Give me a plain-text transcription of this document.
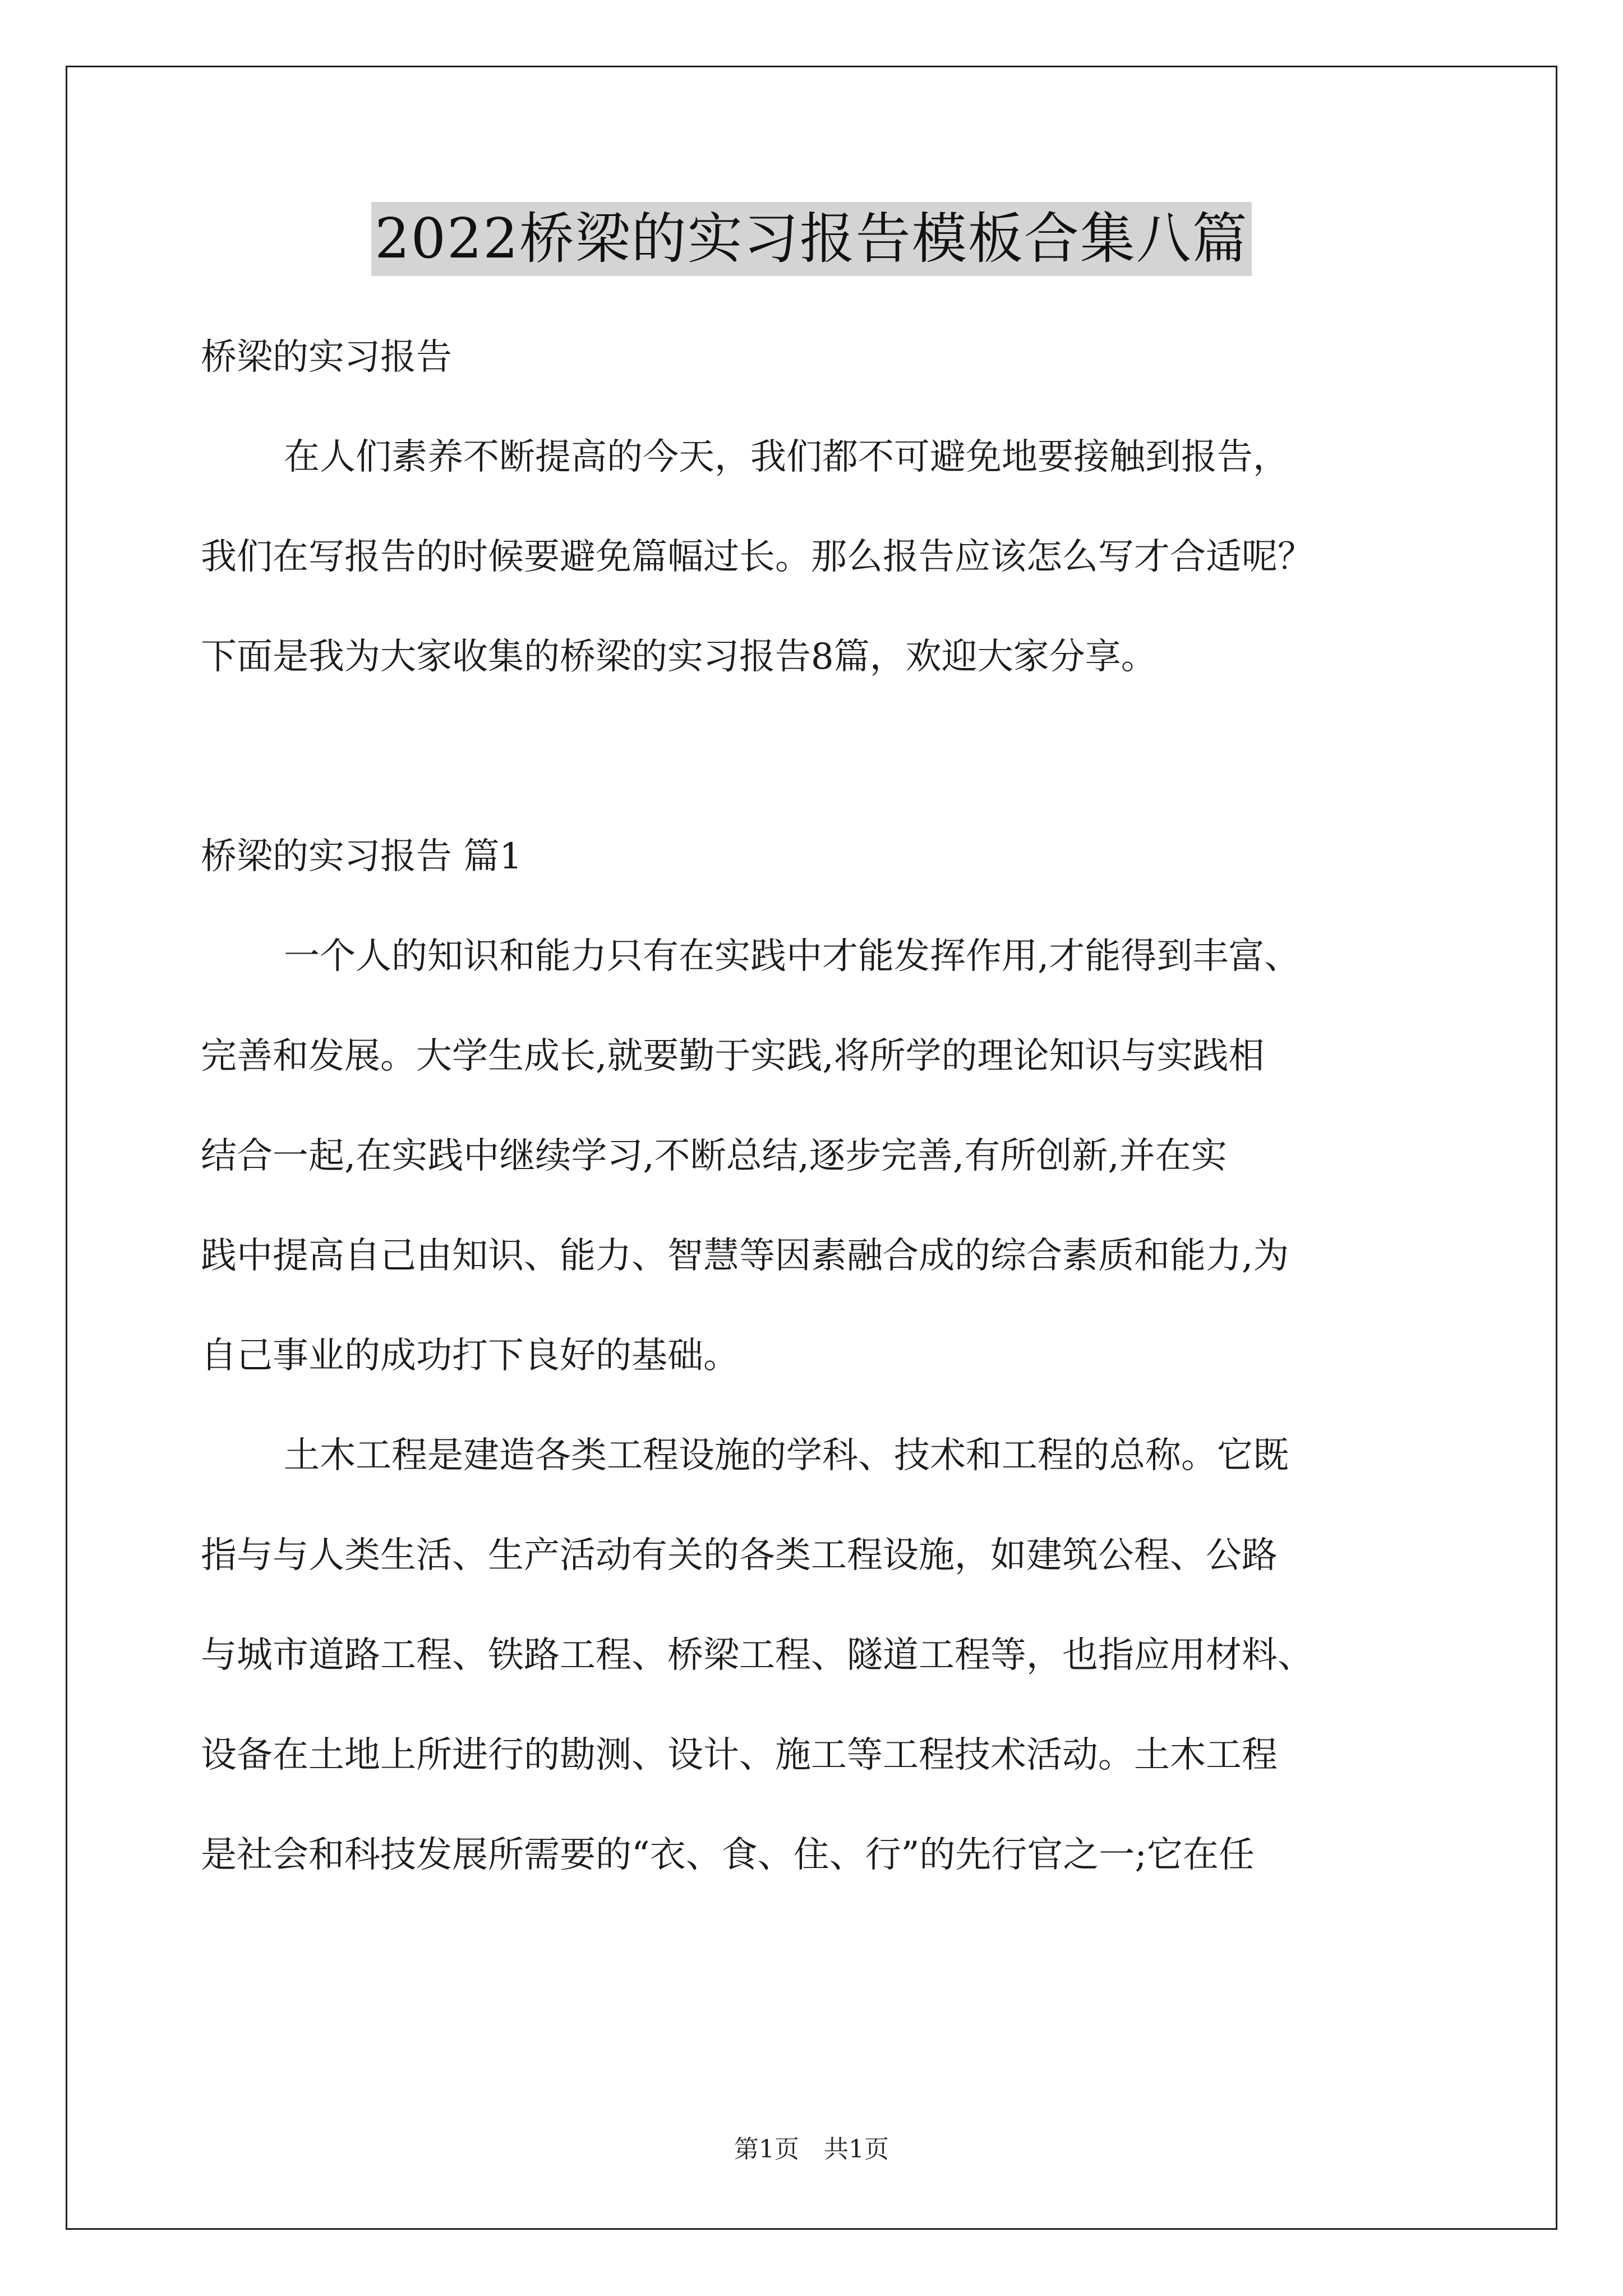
2022桥梁的实习报告模板合集八篇

桥梁的实习报告

在人们素养不断提高的今天，我们都不可避免地要接触到报告，

我们在写报告的时候要避免篇幅过长。那么报告应该怎么写才合适呢？

下面是我为大家收集的桥梁的实习报告8篇，欢迎大家分享。

桥梁的实习报告 篇1

一个人的知识和能力只有在实践中才能发挥作用,才能得到丰富、

完善和发展。大学生成长,就要勤于实践,将所学的理论知识与实践相

结合一起,在实践中继续学习,不断总结,逐步完善,有所创新,并在实

践中提高自己由知识、能力、智慧等因素融合成的综合素质和能力,为

自己事业的成功打下良好的基础。

土木工程是建造各类工程设施的学科、技术和工程的总称。它既

指与与人类生活、生产活动有关的各类工程设施，如建筑公程、公路

与城市道路工程、铁路工程、桥梁工程、隧道工程等，也指应用材料、

设备在土地上所进行的勘测、设计、施工等工程技术活动。土木工程

是社会和科技发展所需要的“衣、食、住、行”的先行官之一;它在任

第1页　共1页
